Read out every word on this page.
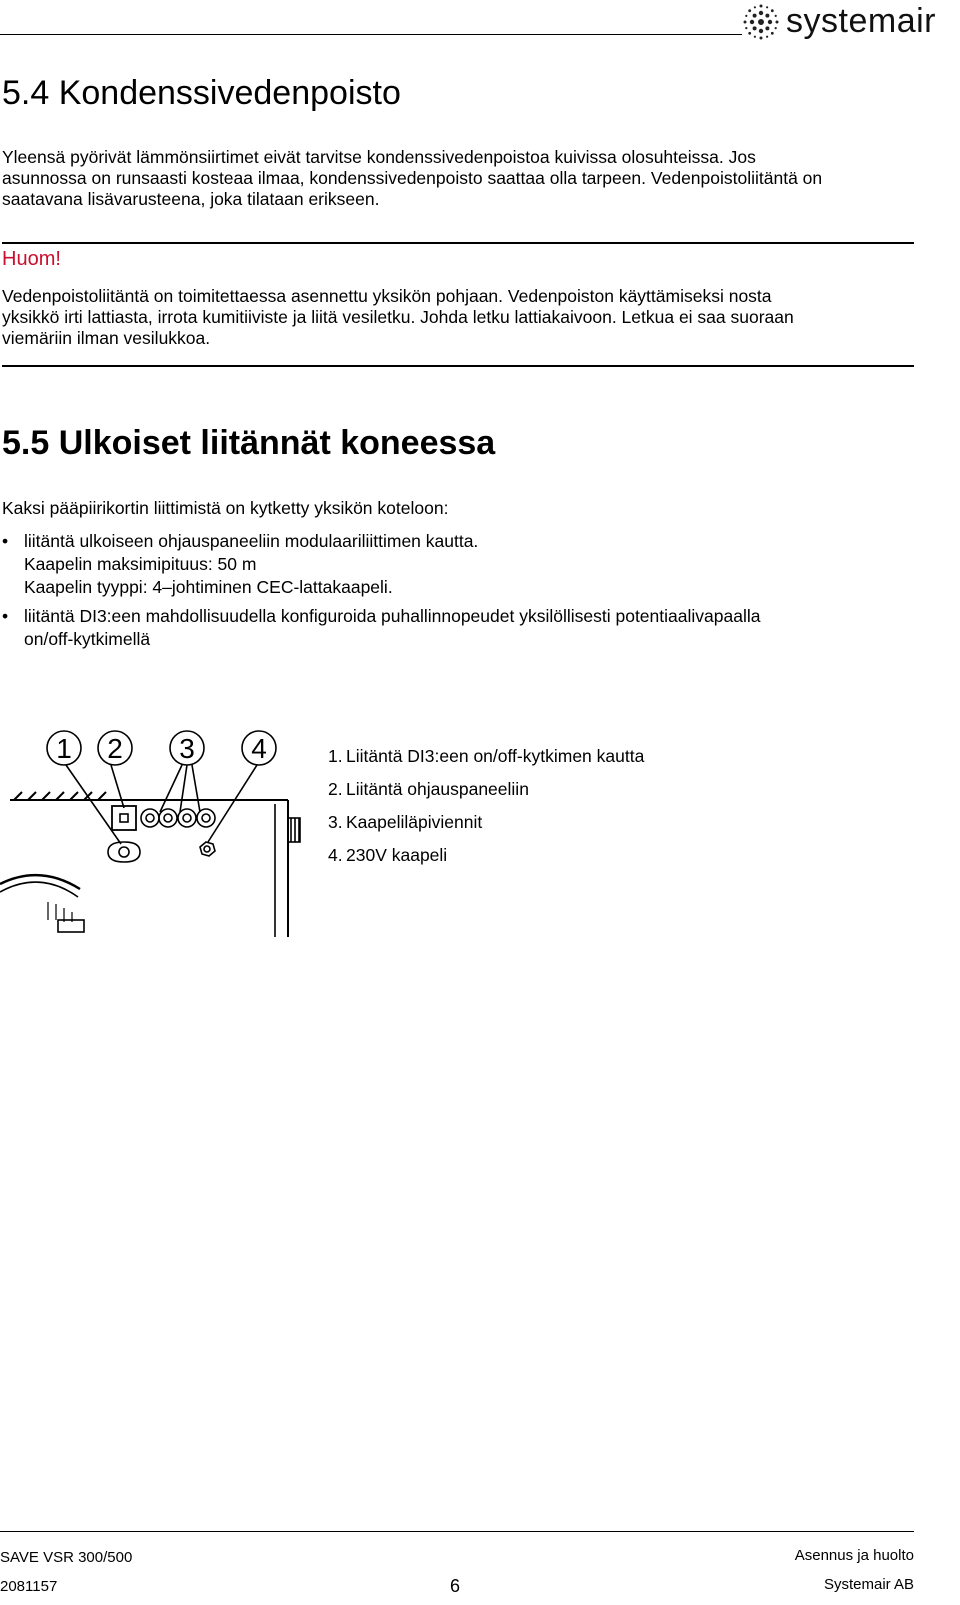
systemair
5.4 Kondenssivedenpoisto
Yleensä pyörivät lämmönsiirtimet eivät tarvitse kondenssivedenpoistoa kuivissa olosuhteissa. Jos
asunnossa on runsaasti kosteaa ilmaa, kondenssivedenpoisto saattaa olla tarpeen. Vedenpoistoliitäntä on
saatavana lisävarusteena, joka tilataan erikseen.
Huom!
Vedenpoistoliitäntä on toimitettaessa asennettu yksikön pohjaan. Vedenpoiston käyttämiseksi nosta
yksikkö irti lattiasta, irrota kumitiiviste ja liitä vesiletku. Johda letku lattiakaivoon. Letkua ei saa suoraan
viemäriin ilman vesilukkoa.
5.5 Ulkoiset liitännät koneessa
Kaksi pääpiirikortin liittimistä on kytketty yksikön koteloon:
• liitäntä ulkoiseen ohjauspaneeliin modulaariliittimen kautta.
Kaapelin maksimipituus: 50 m
Kaapelin tyyppi: 4–johtiminen CEC-lattakaapeli.
• liitäntä DI3:een mahdollisuudella konfiguroida puhallinnopeudet yksilöllisesti potentiaalivapaalla
on/off-kytkimellä
1 2 3 4	1. Liitäntä DI3:een on/off-kytkimen kautta
2. Liitäntä ohjauspaneeliin
3. Kaapeliläpiviennit
4. 230V kaapeli
SAVE VSR 300/500
2081157	6
Asennus ja huolto
Systemair AB
